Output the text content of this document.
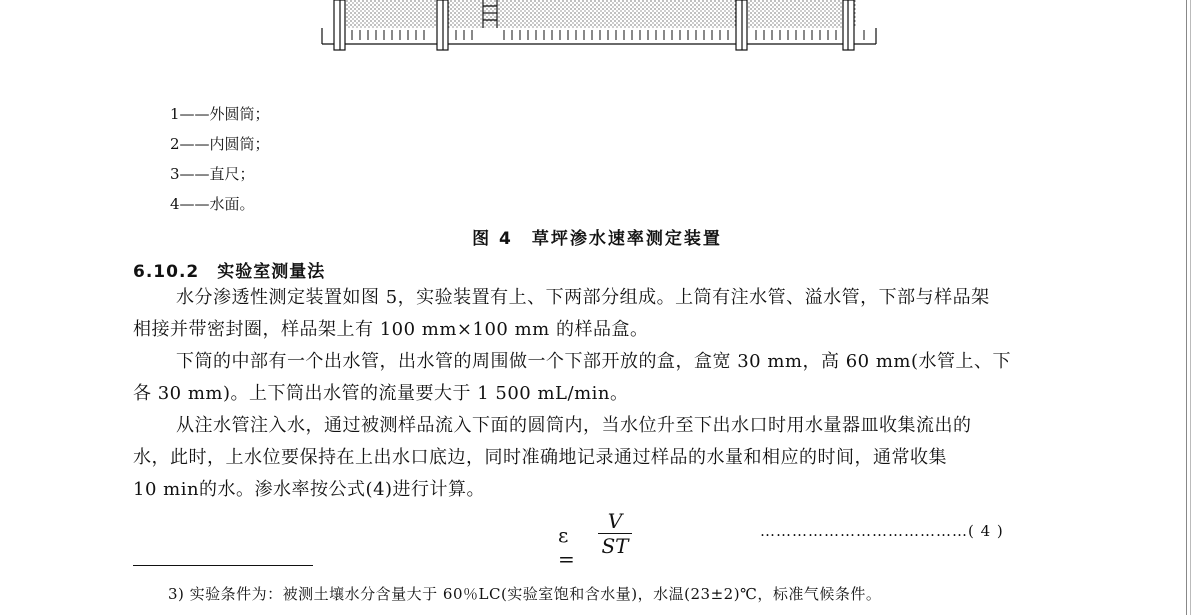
1——外圆筒；
2——内圆筒；
3——直尺；
4——水面。
图 4　草坪渗水速率测定装置
6.10.2 实验室测量法
水分渗透性测定装置如图 5，实验装置有上、下两部分组成。上筒有注水管、溢水管，下部与样品架
相接并带密封圈，样品架上有 100 mm×100 mm 的样品盒。
下筒的中部有一个出水管，出水管的周围做一个下部开放的盒，盒宽 30 mm，高 60 mm(水管上、下
各 30 mm)。上下筒出水管的流量要大于 1 500 mL/min。
从注水管注入水，通过被测样品流入下面的圆筒内，当水位升至下出水口时用水量器皿收集流出的
水，此时，上水位要保持在上出水口底边，同时准确地记录通过样品的水量和相应的时间，通常收集
10 min的水。渗水率按公式(4)进行计算。
ε =
V
ST
…………………………………( 4 )
3) 实验条件为：被测土壤水分含量大于 60％LC(实验室饱和含水量)，水温(23±2)℃，标准气候条件。
